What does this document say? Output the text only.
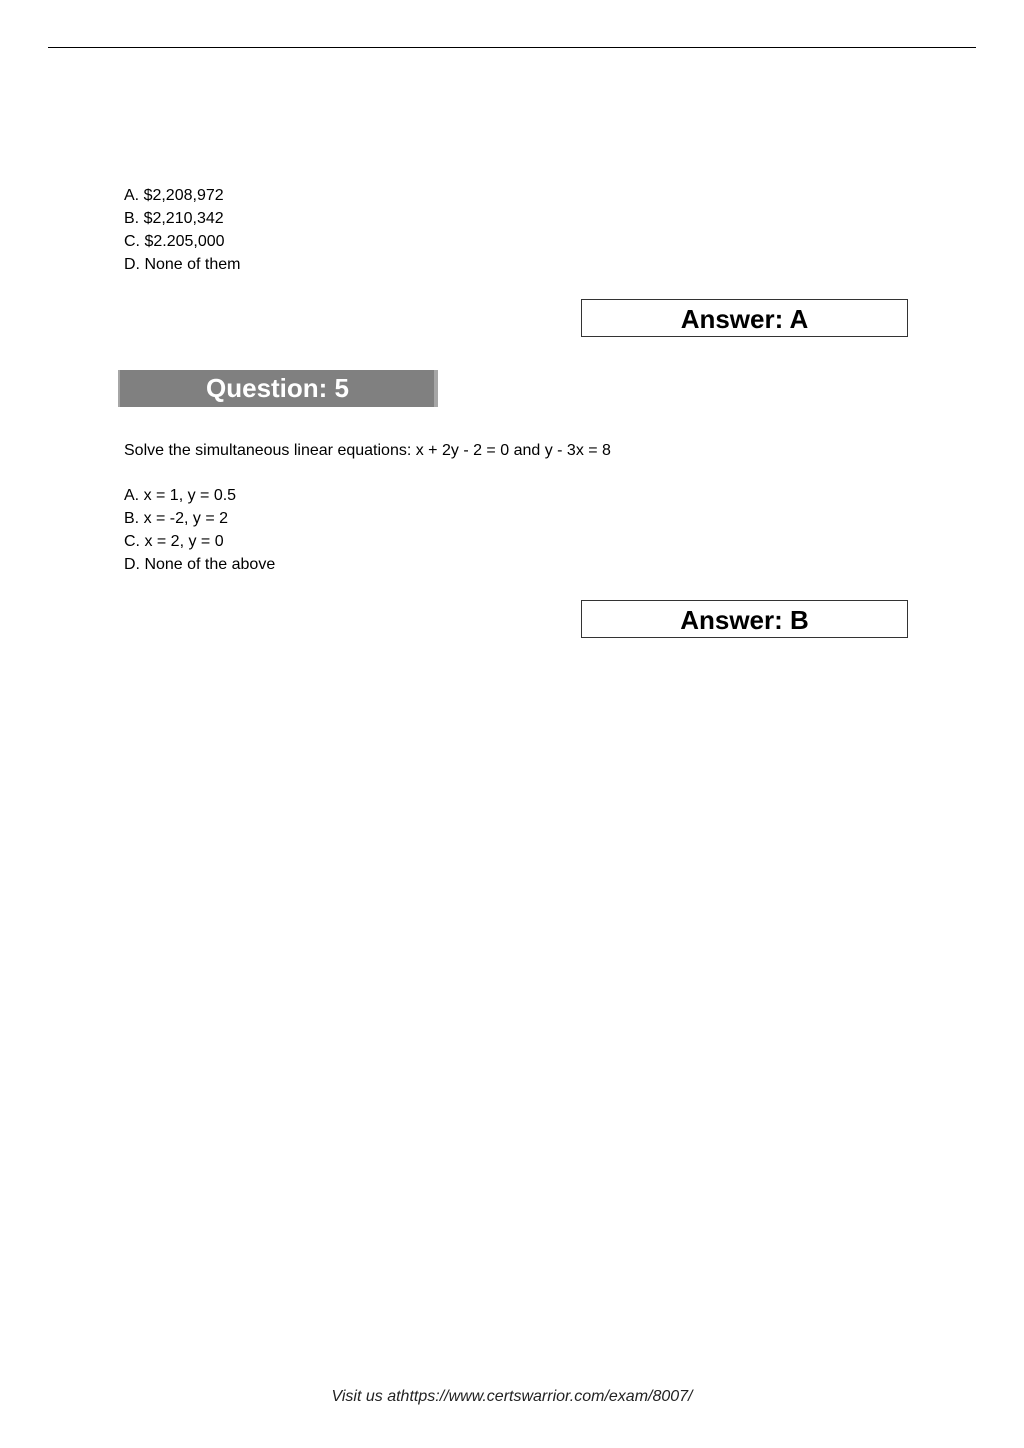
A. $2,208,972
B. $2,210,342
C. $2.205,000
D. None of them
Answer: A
Question: 5
Solve the simultaneous linear equations: x + 2y - 2 = 0 and y - 3x = 8
A. x = 1, y = 0.5
B. x = -2, y = 2
C. x = 2, y = 0
D. None of the above
Answer: B
Visit us athttps://www.certswarrior.com/exam/8007/
